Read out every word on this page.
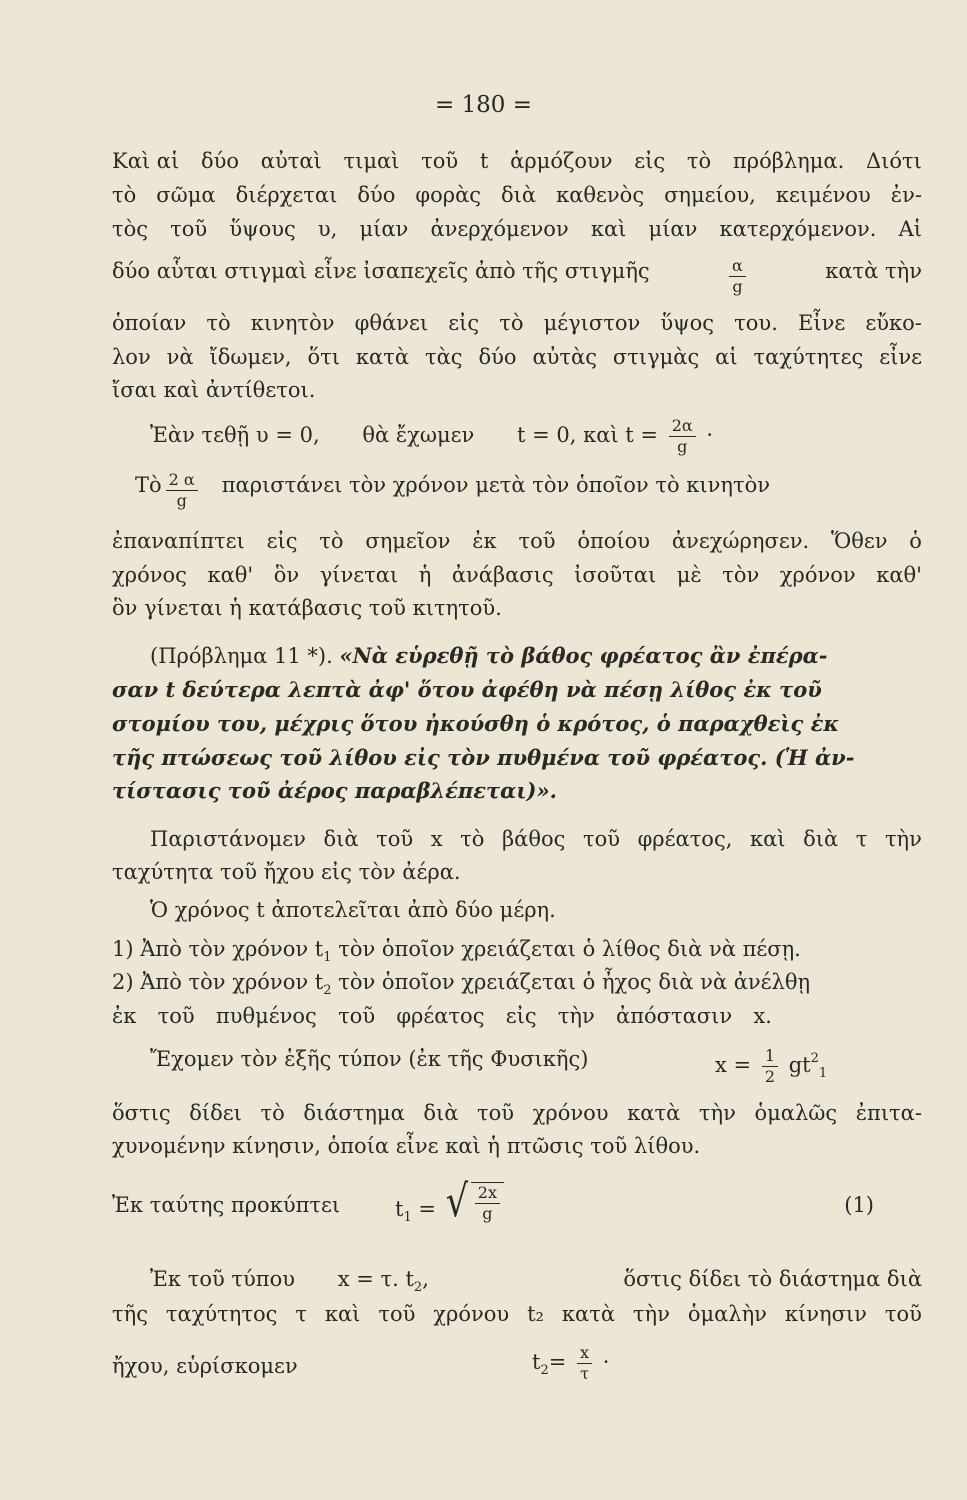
= 180 =
Καὶ αἱ δύο αὐταὶ τιμαὶ τοῦ t ἁρμόζουν εἰς τὸ πρόβλημα. Διότι
τὸ σῶμα διέρχεται δύο φορὰς διὰ καθενὸς σημείου, κειμένου ἐν-
τὸς τοῦ ὕψους υ, μίαν ἀνερχόμενον καὶ μίαν κατερχόμενον. Αἱ
δύο αὗται στιγμαὶ εἶνε ἰσαπεχεῖς ἀπὸ τῆς στιγμῆς	$\frac{\alpha}{g}$	κατὰ τὴν
ὁποίαν τὸ κινητὸν φθάνει εἰς τὸ μέγιστον ὕψος του. Εἶνε εὔκο-
λον νὰ ἴδωμεν, ὅτι κατὰ τὰς δύο αὐτὰς στιγμὰς αἱ ταχύτητες εἶνε
ἴσαι καὶ ἀντίθετοι.
Ἐὰν τεθῇ υ = 0, θὰ ἔχωμεν t = 0, καὶ $t = \frac{2\alpha}{g}$ ·
Τὸ $\frac{2 \alpha}{g}$ παριστάνει τὸν χρόνον μετὰ τὸν ὁποῖον τὸ κινητὸν
ἐπαναπίπτει εἰς τὸ σημεῖον ἐκ τοῦ ὁποίου ἀνεχώρησεν. Ὅθεν ὁ
χρόνος καθ' ὃν γίνεται ἡ ἀνάβασις ἰσοῦται μὲ τὸν χρόνον καθ'
ὃν γίνεται ἡ κατάβασις τοῦ κιτητοῦ.
(Πρόβλημα 11 *). «Νὰ εὑρεθῇ τὸ βάθος φρέατος ἂν ἐπέρα-
σαν t δεύτερα λεπτὰ ἀφ' ὅτου ἀφέθη νὰ πέσῃ λίθος ἐκ τοῦ
στομίου του, μέχρις ὅτου ἠκούσθη ὁ κρότος, ὁ παραχθεὶς ἐκ
τῆς πτώσεως τοῦ λίθου εἰς τὸν πυθμένα τοῦ φρέατος. (Ἡ ἀν-
τίστασις τοῦ ἀέρος παραβλέπεται)».
Παριστάνομεν διὰ τοῦ x τὸ βάθος τοῦ φρέατος, καὶ διὰ τ τὴν
ταχύτητα τοῦ ἤχου εἰς τὸν ἀέρα.
Ὁ χρόνος t ἀποτελεῖται ἀπὸ δύο μέρη.
1) Ἀπὸ τὸν χρόνον $t_1$ τὸν ὁποῖον χρειάζεται ὁ λίθος διὰ νὰ πέσῃ.
2) Ἀπὸ τὸν χρόνον $t_2$ τὸν ὁποῖον χρειάζεται ὁ ἦχος διὰ νὰ ἀνέλθῃ
ἐκ τοῦ πυθμένος τοῦ φρέατος εἰς τὴν ἀπόστασιν x.
Ἔχομεν τὸν ἑξῆς τύπον (ἐκ τῆς Φυσικῆς)	$x = \frac{1}{2} gt^2_1$
ὅστις δίδει τὸ διάστημα διὰ τοῦ χρόνου κατὰ τὴν ὁμαλῶς ἐπιτα-
χυνομένην κίνησιν, ὁποία εἶνε καὶ ἡ πτῶσις τοῦ λίθου.
Ἐκ ταύτης προκύπτει	$t_1$ = √ $\frac{2x}{g}$	(1)
Ἐκ τοῦ τύπου x = τ. $t_2$,	ὅστις δίδει τὸ διάστημα διὰ
τῆς ταχύτητος τ καὶ τοῦ χρόνου t₂ κατὰ τὴν ὁμαλὴν κίνησιν τοῦ
ἤχου, εὑρίσκομεν	$t_2= \frac{x}{\tau}$ ·
